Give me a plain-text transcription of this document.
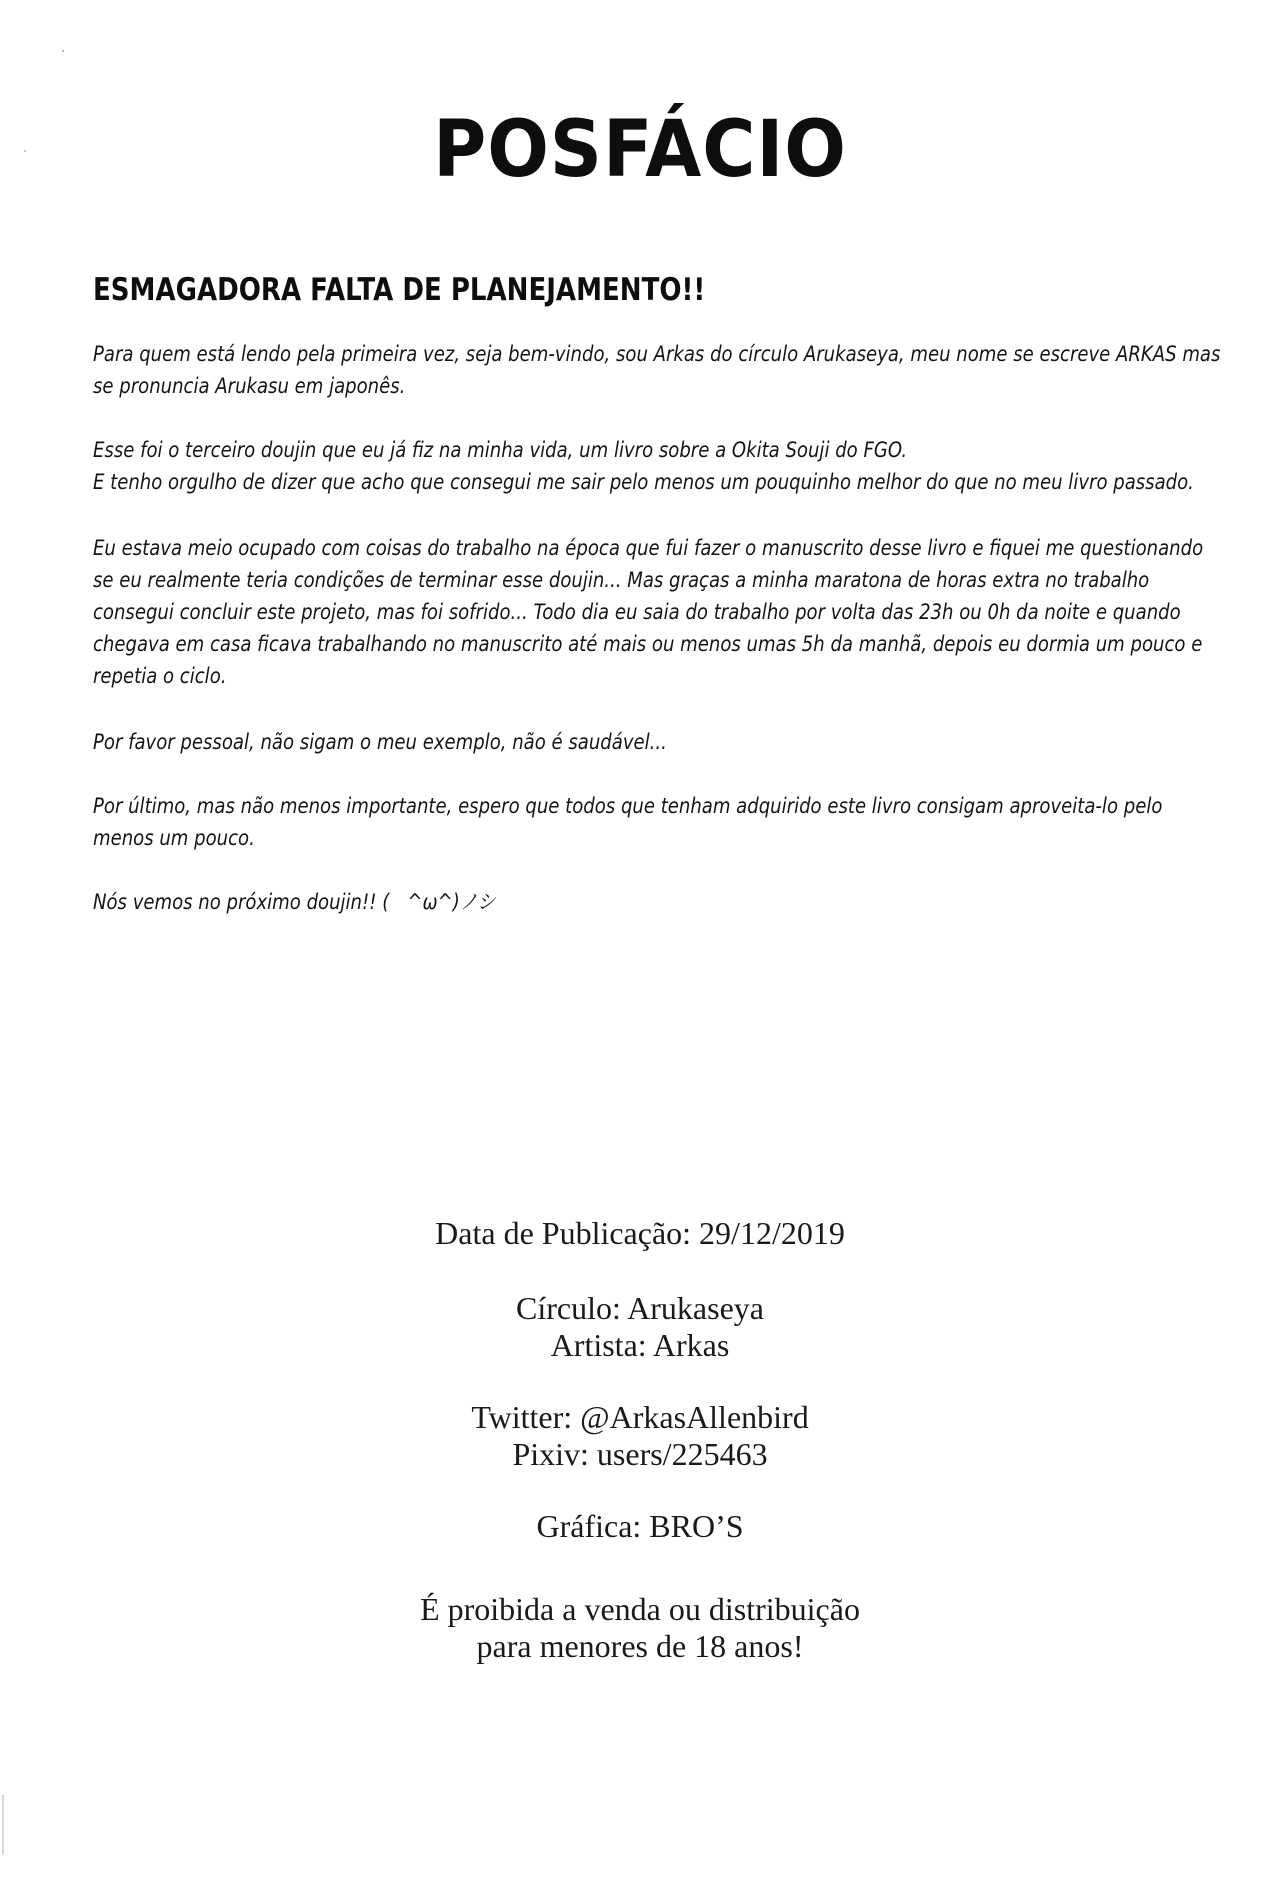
POSFÁCIO
ESMAGADORA FALTA DE PLANEJAMENTO!!

Para quem está lendo pela primeira vez, seja bem-vindo, sou Arkas do círculo Arukaseya, meu nome se escreve ARKAS mas
se pronuncia Arukasu em japonês.

Esse foi o terceiro doujin que eu já fiz na minha vida, um livro sobre a Okita Souji do FGO.
E tenho orgulho de dizer que acho que consegui me sair pelo menos um pouquinho melhor do que no meu livro passado.

Eu estava meio ocupado com coisas do trabalho na época que fui fazer o manuscrito desse livro e fiquei me questionando
se eu realmente teria condições de terminar esse doujin... Mas graças a minha maratona de horas extra no trabalho
consegui concluir este projeto, mas foi sofrido... Todo dia eu saia do trabalho por volta das 23h ou 0h da noite e quando
chegava em casa ficava trabalhando no manuscrito até mais ou menos umas 5h da manhã, depois eu dormia um pouco e
repetia o ciclo.

Por favor pessoal, não sigam o meu exemplo, não é saudável...

Por último, mas não menos importante, espero que todos que tenham adquirido este livro consigam aproveita-lo pelo
menos um pouco.

Nós vemos no próximo doujin!! (　^ω^)ノシ

Data de Publicação: 29/12/2019

Círculo: Arukaseya
Artista: Arkas

Twitter: @ArkasAllenbird
Pixiv: users/225463

Gráfica: BRO’S

É proibida a venda ou distribuição
para menores de 18 anos!
